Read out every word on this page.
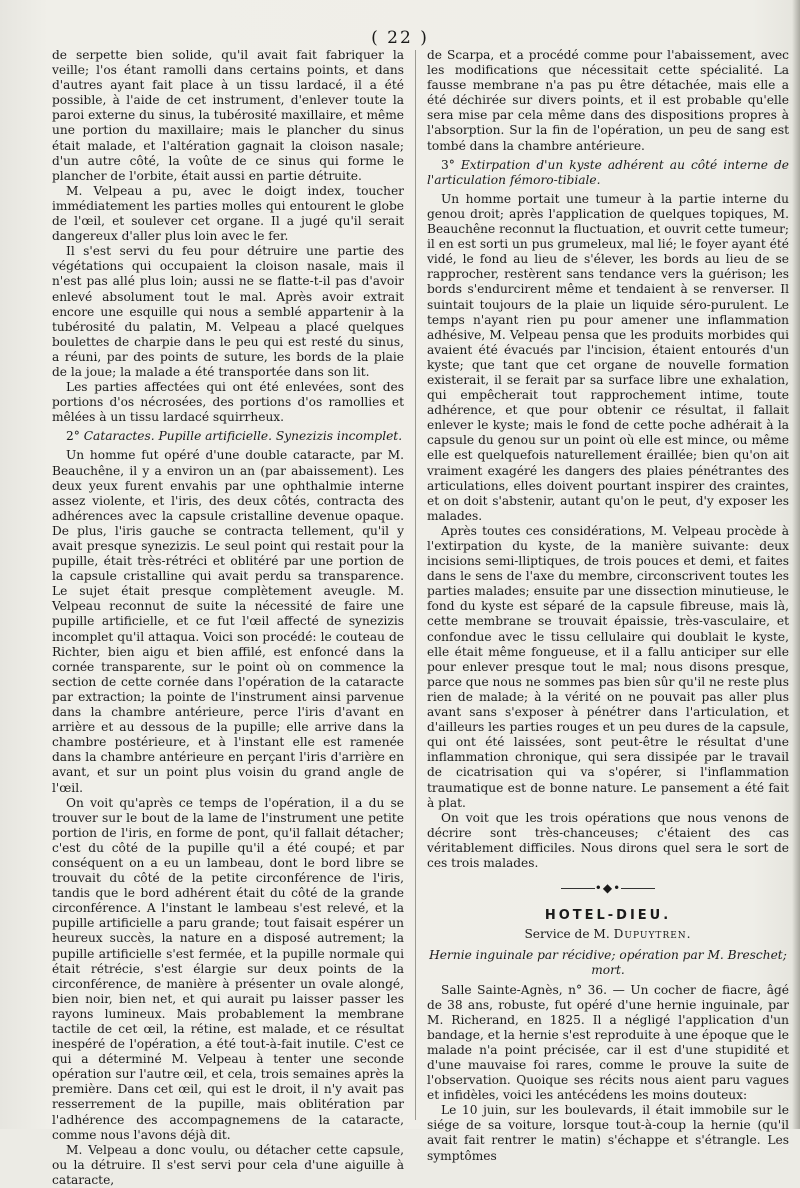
( 22 )

de serpette bien solide, qu'il avait fait fabriquer la veille; l'os étant ramolli dans certains points, et dans d'autres ayant fait place à un tissu lardacé, il a été possible, à l'aide de cet instrument, d'enlever toute la paroi externe du sinus, la tubérosité maxillaire, et même une portion du maxillaire; mais le plancher du sinus était malade, et l'altération gagnait la cloison nasale; d'un autre côté, la voûte de ce sinus qui forme le plancher de l'orbite, était aussi en partie détruite.

M. Velpeau a pu, avec le doigt index, toucher immédiatement les parties molles qui entourent le globe de l'œil, et soulever cet organe. Il a jugé qu'il serait dangereux d'aller plus loin avec le fer.

Il s'est servi du feu pour détruire une partie des végétations qui occupaient la cloison nasale, mais il n'est pas allé plus loin; aussi ne se flatte-t-il pas d'avoir enlevé absolument tout le mal. Après avoir extrait encore une esquille qui nous a semblé appartenir à la tubérosité du palatin, M. Velpeau a placé quelques boulettes de charpie dans le peu qui est resté du sinus, a réuni, par des points de suture, les bords de la plaie de la joue; la malade a été transportée dans son lit.

Les parties affectées qui ont été enlevées, sont des portions d'os nécrosées, des portions d'os ramollies et mêlées à un tissu lardacé squirrheux.

2° Cataractes. Pupille artificielle. Synezizis incomplet.

Un homme fut opéré d'une double cataracte, par M. Beauchêne, il y a environ un an (par abaissement). Les deux yeux furent envahis par une ophthalmie interne assez violente, et l'iris, des deux côtés, contracta des adhérences avec la capsule cristalline devenue opaque. De plus, l'iris gauche se contracta tellement, qu'il y avait presque synezizis. Le seul point qui restait pour la pupille, était très-rétréci et oblitéré par une portion de la capsule cristalline qui avait perdu sa transparence. Le sujet était presque complètement aveugle. M. Velpeau reconnut de suite la nécessité de faire une pupille artificielle, et ce fut l'œil affecté de synezizis incomplet qu'il attaqua. Voici son procédé: le couteau de Richter, bien aigu et bien affilé, est enfoncé dans la cornée transparente, sur le point où on commence la section de cette cornée dans l'opération de la cataracte par extraction; la pointe de l'instrument ainsi parvenue dans la chambre antérieure, perce l'iris d'avant en arrière et au dessous de la pupille; elle arrive dans la chambre postérieure, et à l'instant elle est ramenée dans la chambre antérieure en perçant l'iris d'arrière en avant, et sur un point plus voisin du grand angle de l'œil.

On voit qu'après ce temps de l'opération, il a du se trouver sur le bout de la lame de l'instrument une petite portion de l'iris, en forme de pont, qu'il fallait détacher; c'est du côté de la pupille qu'il a été coupé; et par conséquent on a eu un lambeau, dont le bord libre se trouvait du côté de la petite circonférence de l'iris, tandis que le bord adhérent était du côté de la grande circonférence. A l'instant le lambeau s'est relevé, et la pupille artificielle a paru grande; tout faisait espérer un heureux succès, la nature en a disposé autrement; la pupille artificielle s'est fermée, et la pupille normale qui était rétrécie, s'est élargie sur deux points de la circonférence, de manière à présenter un ovale alongé, bien noir, bien net, et qui aurait pu laisser passer les rayons lumineux. Mais probablement la membrane tactile de cet œil, la rétine, est malade, et ce résultat inespéré de l'opération, a été tout-à-fait inutile. C'est ce qui a déterminé M. Velpeau à tenter une seconde opération sur l'autre œil, et cela, trois semaines après la première. Dans cet œil, qui est le droit, il n'y avait pas resserrement de la pupille, mais oblitération par l'adhérence des accompagnemens de la cataracte, comme nous l'avons déjà dit.

M. Velpeau a donc voulu, ou détacher cette capsule, ou la détruire. Il s'est servi pour cela d'une aiguille à cataracte,

de Scarpa, et a procédé comme pour l'abaissement, avec les modifications que nécessitait cette spécialité. La fausse membrane n'a pas pu être détachée, mais elle a été déchirée sur divers points, et il est probable qu'elle sera mise par cela même dans des dispositions propres à l'absorption. Sur la fin de l'opération, un peu de sang est tombé dans la chambre antérieure.

3° Extirpation d'un kyste adhérent au côté interne de l'articulation fémoro-tibiale.

Un homme portait une tumeur à la partie interne du genou droit; après l'application de quelques topiques, M. Beauchêne reconnut la fluctuation, et ouvrit cette tumeur; il en est sorti un pus grumeleux, mal lié; le foyer ayant été vidé, le fond au lieu de s'élever, les bords au lieu de se rapprocher, restèrent sans tendance vers la guérison; les bords s'endurcirent même et tendaient à se renverser. Il suintait toujours de la plaie un liquide séro-purulent. Le temps n'ayant rien pu pour amener une inflammation adhésive, M. Velpeau pensa que les produits morbides qui avaient été évacués par l'incision, étaient entourés d'un kyste; que tant que cet organe de nouvelle formation existerait, il se ferait par sa surface libre une exhalation, qui empêcherait tout rapprochement intime, toute adhérence, et que pour obtenir ce résultat, il fallait enlever le kyste; mais le fond de cette poche adhérait à la capsule du genou sur un point où elle est mince, ou même elle est quelquefois naturellement éraillée; bien qu'on ait vraiment exagéré les dangers des plaies pénétrantes des articulations, elles doivent pourtant inspirer des craintes, et on doit s'abstenir, autant qu'on le peut, d'y exposer les malades.

Après toutes ces considérations, M. Velpeau procède à l'extirpation du kyste, de la manière suivante: deux incisions semi-lliptiques, de trois pouces et demi, et faites dans le sens de l'axe du membre, circonscrivent toutes les parties malades; ensuite par une dissection minutieuse, le fond du kyste est séparé de la capsule fibreuse, mais là, cette membrane se trouvait épaissie, très-vasculaire, et confondue avec le tissu cellulaire qui doublait le kyste, elle était même fongueuse, et il a fallu anticiper sur elle pour enlever presque tout le mal; nous disons presque, parce que nous ne sommes pas bien sûr qu'il ne reste plus rien de malade; à la vérité on ne pouvait pas aller plus avant sans s'exposer à pénétrer dans l'articulation, et d'ailleurs les parties rouges et un peu dures de la capsule, qui ont été laissées, sont peut-être le résultat d'une inflammation chronique, qui sera dissipée par le travail de cicatrisation qui va s'opérer, si l'inflammation traumatique est de bonne nature. Le pansement a été fait à plat.

On voit que les trois opérations que nous venons de décrire sont très-chanceuses; c'étaient des cas véritablement difficiles. Nous dirons quel sera le sort de ces trois malades.

•◆•
HOTEL-DIEU.
Service de M. Dupuytren.
Hernie inguinale par récidive; opération par M. Breschet; mort.

Salle Sainte-Agnès, n° 36. — Un cocher de fiacre, âgé de 38 ans, robuste, fut opéré d'une hernie inguinale, par M. Richerand, en 1825. Il a négligé l'application d'un bandage, et la hernie s'est reproduite à une époque que le malade n'a point précisée, car il est d'une stupidité et d'une mauvaise foi rares, comme le prouve la suite de l'observation. Quoique ses récits nous aient paru vagues et infidèles, voici les antécédens les moins douteux:

Le 10 juin, sur les boulevards, il était immobile sur le siége de sa voiture, lorsque tout-à-coup la hernie (qu'il avait fait rentrer le matin) s'échappe et s'étrangle. Les symptômes
